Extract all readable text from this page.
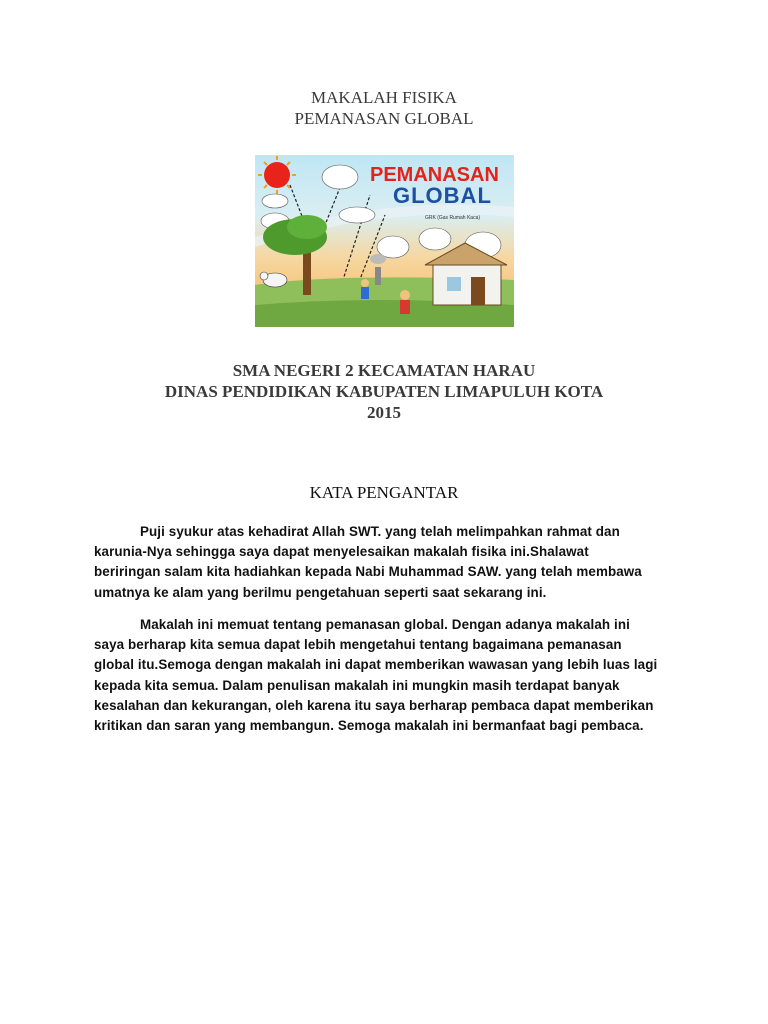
MAKALAH FISIKA
PEMANASAN GLOBAL
PEMANASAN
GLOBAL
GRK (Gas Rumah Kaca)
SMA NEGERI 2 KECAMATAN HARAU
DINAS PENDIDIKAN KABUPATEN LIMAPULUH KOTA
2015
KATA PENGANTAR
Puji syukur atas kehadirat Allah SWT. yang telah melimpahkan rahmat dan
karunia-Nya sehingga saya dapat menyelesaikan makalah fisika ini.Shalawat
beriringan salam kita hadiahkan kepada Nabi Muhammad SAW. yang telah membawa
umatnya ke alam yang berilmu pengetahuan seperti saat sekarang ini.
Makalah ini memuat tentang pemanasan global. Dengan adanya makalah ini
saya berharap kita semua dapat lebih mengetahui tentang bagaimana pemanasan
global itu.Semoga dengan makalah ini dapat memberikan wawasan yang lebih luas lagi
kepada kita semua. Dalam penulisan makalah ini mungkin masih terdapat banyak
kesalahan dan kekurangan, oleh karena itu saya berharap pembaca dapat memberikan
kritikan dan saran yang membangun. Semoga makalah ini bermanfaat bagi pembaca.
